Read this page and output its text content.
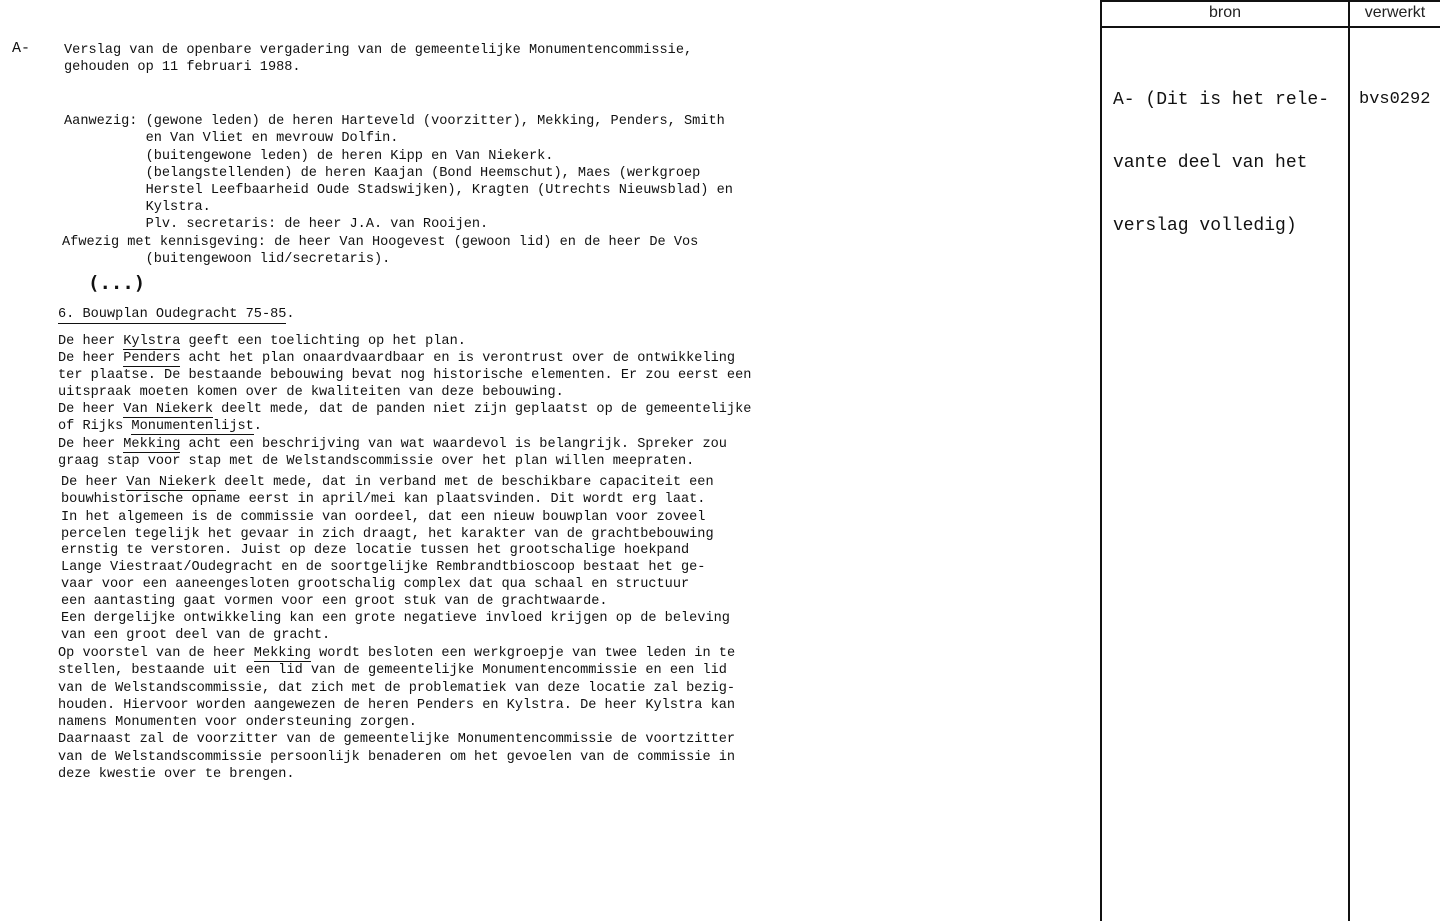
A- Verslag van de openbare vergadering van de gemeentelijke Monumentencommissie,
gehouden op 11 februari 1988.
Aanwezig: (gewone leden) de heren Harteveld (voorzitter), Mekking, Penders, Smith
en Van Vliet en mevrouw Dolfin.
(buitengewone leden) de heren Kipp en Van Niekerk.
(belangstellenden) de heren Kaajan (Bond Heemschut), Maes (werkgroep
Herstel Leefbaarheid Oude Stadswijken), Kragten (Utrechts Nieuwsblad) en
Kylstra.
Plv. secretaris: de heer J.A. van Rooijen.
Afwezig met kennisgeving: de heer Van Hoogevest (gewoon lid) en de heer De Vos
(buitengewoon lid/secretaris).
(...)
6. Bouwplan Oudegracht 75-85.
De heer Kylstra geeft een toelichting op het plan.
De heer Penders acht het plan onaardvaardbaar en is verontrust over de ontwikkeling
ter plaatse. De bestaande bebouwing bevat nog historische elementen. Er zou eerst een
uitspraak moeten komen over de kwaliteiten van deze bebouwing.
De heer Van Niekerk deelt mede, dat de panden niet zijn geplaatst op de gemeentelijke
of Rijks Monumentenlijst.
De heer Mekking acht een beschrijving van wat waardevol is belangrijk. Spreker zou
graag stap voor stap met de Welstandscommissie over het plan willen meepraten.
De heer Van Niekerk deelt mede, dat in verband met de beschikbare capaciteit een
bouwhistorische opname eerst in april/mei kan plaatsvinden. Dit wordt erg laat.
In het algemeen is de commissie van oordeel, dat een nieuw bouwplan voor zoveel
percelen tegelijk het gevaar in zich draagt, het karakter van de grachtbebouwing
ernstig te verstoren. Juist op deze locatie tussen het grootschalige hoekpand
Lange Viestraat/Oudegracht en de soortgelijke Rembrandtbioscoop bestaat het ge-
vaar voor een aaneengesloten grootschalig complex dat qua schaal en structuur
een aantasting gaat vormen voor een groot stuk van de grachtwaarde.
Een dergelijke ontwikkeling kan een grote negatieve invloed krijgen op de beleving
van een groot deel van de gracht.
Op voorstel van de heer Mekking wordt besloten een werkgroepje van twee leden in te
stellen, bestaande uit een lid van de gemeentelijke Monumentencommissie en een lid
van de Welstandscommissie, dat zich met de problematiek van deze locatie zal bezig-
houden. Hiervoor worden aangewezen de heren Penders en Kylstra. De heer Kylstra kan
namens Monumenten voor ondersteuning zorgen.
Daarnaast zal de voorzitter van de gemeentelijke Monumentencommissie de voortzitter
van de Welstandscommissie persoonlijk benaderen om het gevoelen van de commissie in
deze kwestie over te brengen.
bron	verwerkt

A- (Dit is het rele-

vante deel van het

verslag volledig)

bvs0292
